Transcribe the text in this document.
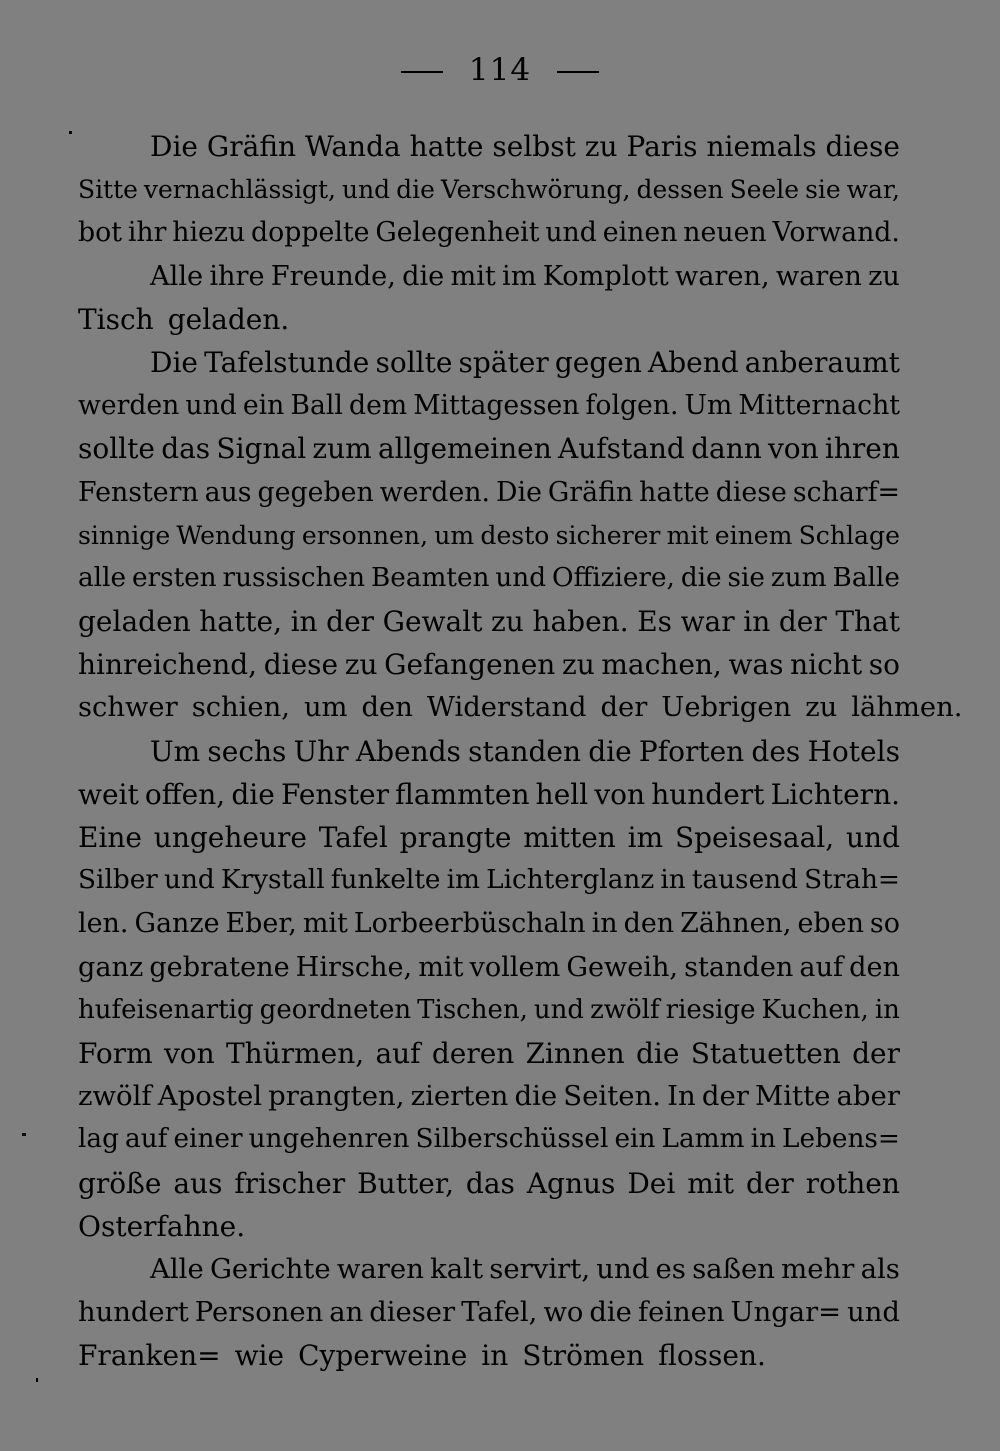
114
Die Gräfin Wanda hatte selbst zu Paris niemals diese
Sitte vernachlässigt, und die Verschwörung, dessen Seele sie war,
bot ihr hiezu doppelte Gelegenheit und einen neuen Vorwand.
Alle ihre Freunde, die mit im Komplott waren, waren zu
Tisch geladen.
Die Tafelstunde sollte später gegen Abend anberaumt
werden und ein Ball dem Mittagessen folgen. Um Mitternacht
sollte das Signal zum allgemeinen Aufstand dann von ihren
Fenstern aus gegeben werden. Die Gräfin hatte diese scharf=
sinnige Wendung ersonnen, um desto sicherer mit einem Schlage
alle ersten russischen Beamten und Offiziere, die sie zum Balle
geladen hatte, in der Gewalt zu haben. Es war in der That
hinreichend, diese zu Gefangenen zu machen, was nicht so
schwer schien, um den Widerstand der Uebrigen zu lähmen.
Um sechs Uhr Abends standen die Pforten des Hotels
weit offen, die Fenster flammten hell von hundert Lichtern.
Eine ungeheure Tafel prangte mitten im Speisesaal, und
Silber und Krystall funkelte im Lichterglanz in tausend Strah=
len. Ganze Eber, mit Lorbeerbüschaln in den Zähnen, eben so
ganz gebratene Hirsche, mit vollem Geweih, standen auf den
hufeisenartig geordneten Tischen, und zwölf riesige Kuchen, in
Form von Thürmen, auf deren Zinnen die Statuetten der
zwölf Apostel prangten, zierten die Seiten. In der Mitte aber
lag auf einer ungehenren Silberschüssel ein Lamm in Lebens=
größe aus frischer Butter, das Agnus Dei mit der rothen
Osterfahne.
Alle Gerichte waren kalt servirt, und es saßen mehr als
hundert Personen an dieser Tafel, wo die feinen Ungar= und
Franken= wie Cyperweine in Strömen flossen.
